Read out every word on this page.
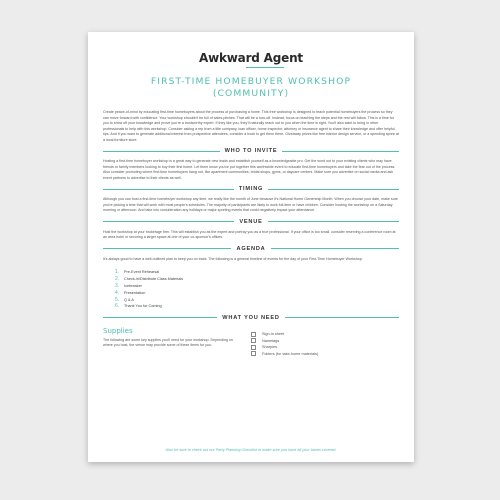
Awkward Agent
FIRST-TIME HOMEBUYER WORKSHOP
(COMMUNITY)

Create peace-of-mind by educating first-time homebuyers about the process of purchasing a home. This free workshop is designed to teach potential homebuyers the process so they can move forward with confidence. Your workshop shouldn't be full of sales-pitches. That will be a turn-off. Instead, focus on teaching the steps and the rest will follow. This is a time for you to show off your knowledge and prove you're a trustworthy expert. If they like you, they'll naturally reach out to you when the time is right. You'll also want to bring in other professionals to help with this workshop. Consider asking a rep from a title company, loan officer, home inspector, attorney or insurance agent to share their knowledge and offer helpful tips. And if you want to generate additional interest from prospective attendees, consider a hook to get them there. Giveaway prizes like free interior design service, or a spending spree at a local furniture store.

WHO TO INVITE

Hosting a first-time homebuyer workshop is a great way to generate new leads and establish yourself as a knowledgeable pro. Get the word out to your existing clients who may have friends or family members looking to buy their first home. Let them know you've put together this worthwhile event to educate first-time homebuyers and take the fear out of the process. Also consider promoting where first-time homebuyers hang out, like apartment communities, bridal shops, gyms, or daycare centers. Make sure you advertise on social media and ask event partners to advertise to their clients as well.

TIMING

Although you can host a first-time homebuyer workshop any time, we really like the month of June because it's National Home Ownership Month. When you choose your date, make sure you're picking a time that will work with most people's schedules. The majority of participants are likely to work full-time or have children. Consider hosting the workshop on a Saturday morning or afternoon. And take into consideration any holidays or major sporting events that could negatively impact your attendance.

VENUE

Host the workshop at your brokerage firm. This will establish you as the expert and portray you as a true professional. If your office is too small, consider reserving a conference room at an area hotel or securing a larger space at one of your co-sponsor's offices.

AGENDA

It's always good to have a well-outlined plan to keep you on track. The following is a general timeline of events for the day of your First-Time Homebuyer Workshop.

1.	Pre-Event Rehearsal
2.	Check-in/Distribute Class Materials
3.	Icebreaker
4.	Presentation
5.	Q & A
6.	Thank You for Coming
WHAT YOU NEED
Supplies

The following are some key supplies you'll need for your workshop. Depending on where you host, the venue may provide some of these items for you.

Sign-in sheet
Nametags
Sharpies
Folders (for take-home materials)
Also be sure to check out our Party Planning Checklist to make sure you have all your bases covered.
